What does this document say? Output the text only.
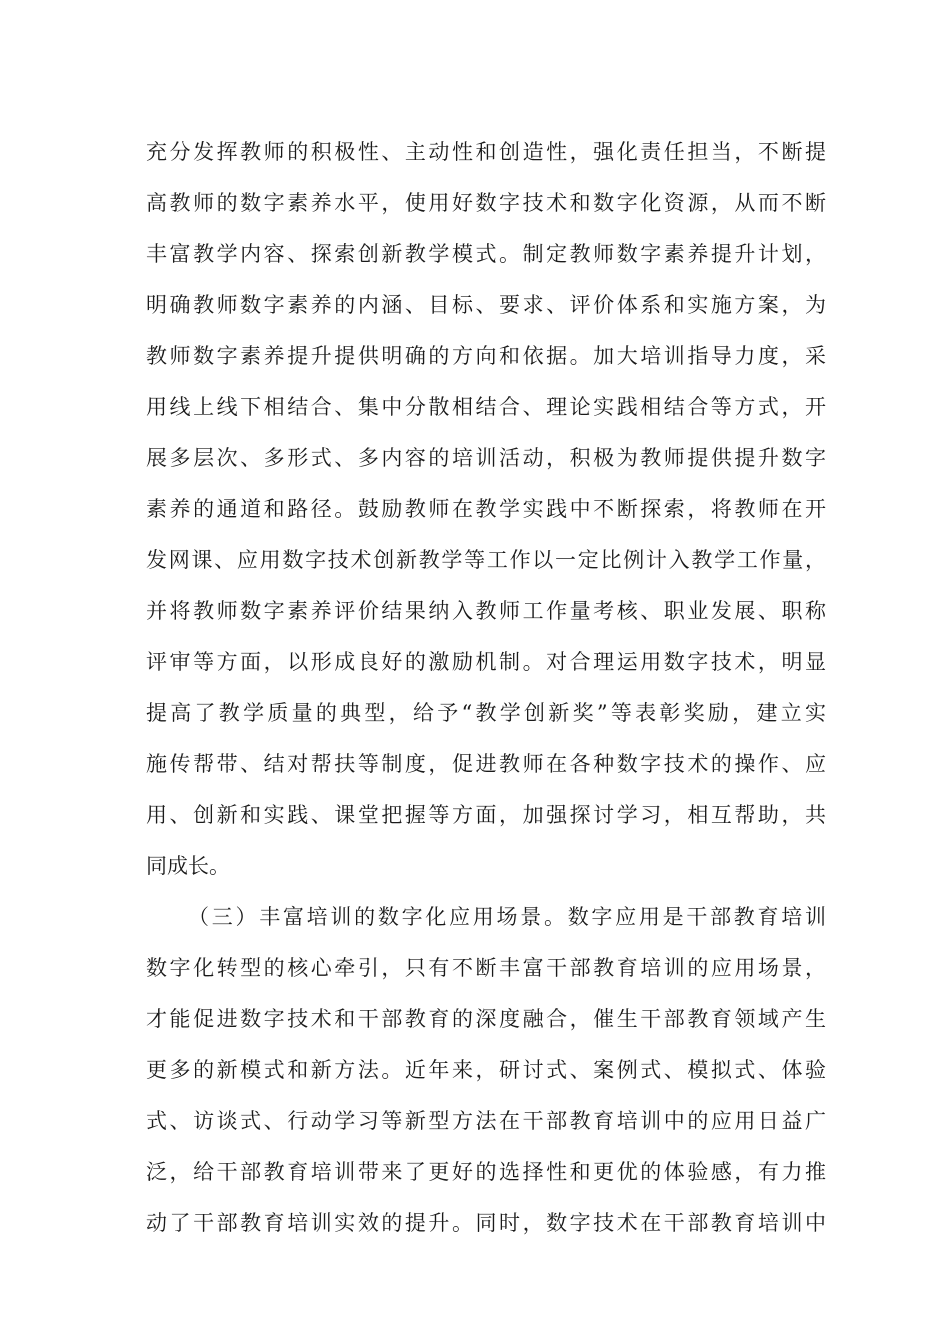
充分发挥教师的积极性、主动性和创造性，强化责任担当，不断提
高教师的数字素养水平，使用好数字技术和数字化资源，从而不断
丰富教学内容、探索创新教学模式。制定教师数字素养提升计划，
明确教师数字素养的内涵、目标、要求、评价体系和实施方案，为
教师数字素养提升提供明确的方向和依据。加大培训指导力度，采
用线上线下相结合、集中分散相结合、理论实践相结合等方式，开
展多层次、多形式、多内容的培训活动，积极为教师提供提升数字
素养的通道和路径。鼓励教师在教学实践中不断探索，将教师在开
发网课、应用数字技术创新教学等工作以一定比例计入教学工作量，
并将教师数字素养评价结果纳入教师工作量考核、职业发展、职称
评审等方面，以形成良好的激励机制。对合理运用数字技术，明显
提高了教学质量的典型，给予“教学创新奖”等表彰奖励，建立实
施传帮带、结对帮扶等制度，促进教师在各种数字技术的操作、应
用、创新和实践、课堂把握等方面，加强探讨学习，相互帮助，共
同成长。
（三）丰富培训的数字化应用场景。数字应用是干部教育培训
数字化转型的核心牵引，只有不断丰富干部教育培训的应用场景，
才能促进数字技术和干部教育的深度融合，催生干部教育领域产生
更多的新模式和新方法。近年来，研讨式、案例式、模拟式、体验
式、访谈式、行动学习等新型方法在干部教育培训中的应用日益广
泛，给干部教育培训带来了更好的选择性和更优的体验感，有力推
动了干部教育培训实效的提升。同时，数字技术在干部教育培训中
